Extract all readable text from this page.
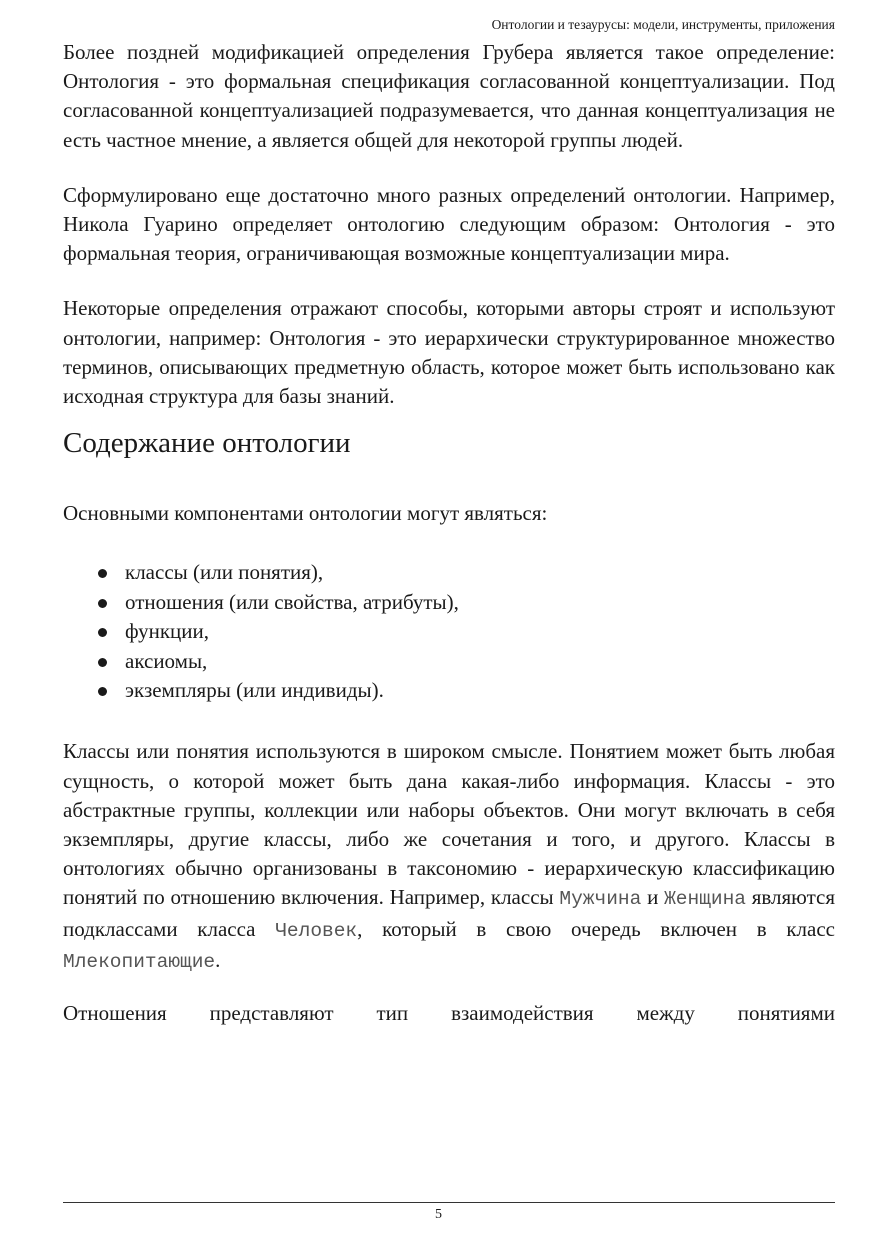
Онтологии и тезаурусы: модели, инструменты, приложения

Более поздней модификацией определения Грубера является такое определение: Онтология - это формальная спецификация согласованной концептуализации. Под согласованной концептуализацией подразумевается, что данная концептуализация не есть частное мнение, а является общей для некоторой группы людей.

Сформулировано еще достаточно много разных определений онтологии. Например, Никола Гуарино определяет онтологию следующим образом: Онтология - это формальная теория, ограничивающая возможные концептуализации мира.

Некоторые определения отражают способы, которыми авторы строят и используют онтологии, например: Онтология - это иерархически структурированное множество терминов, описывающих предметную область, которое может быть использовано как исходная структура для базы знаний.

Содержание онтологии

Основными компонентами онтологии могут являться:

классы (или понятия),
отношения (или свойства, атрибуты),
функции,
аксиомы,
экземпляры (или индивиды).

Классы или понятия используются в широком смысле. Понятием может быть любая сущность, о которой может быть дана какая-либо информация. Классы - это абстрактные группы, коллекции или наборы объектов. Они могут включать в себя экземпляры, другие классы, либо же сочетания и того, и другого. Классы в онтологиях обычно организованы в таксономию - иерархическую классификацию понятий по отношению включения. Например, классы Мужчина и Женщина являются подклассами класса Человек, который в свою очередь включен в класс Млекопитающие.

Отношения представляют тип взаимодействия между понятиями

5
